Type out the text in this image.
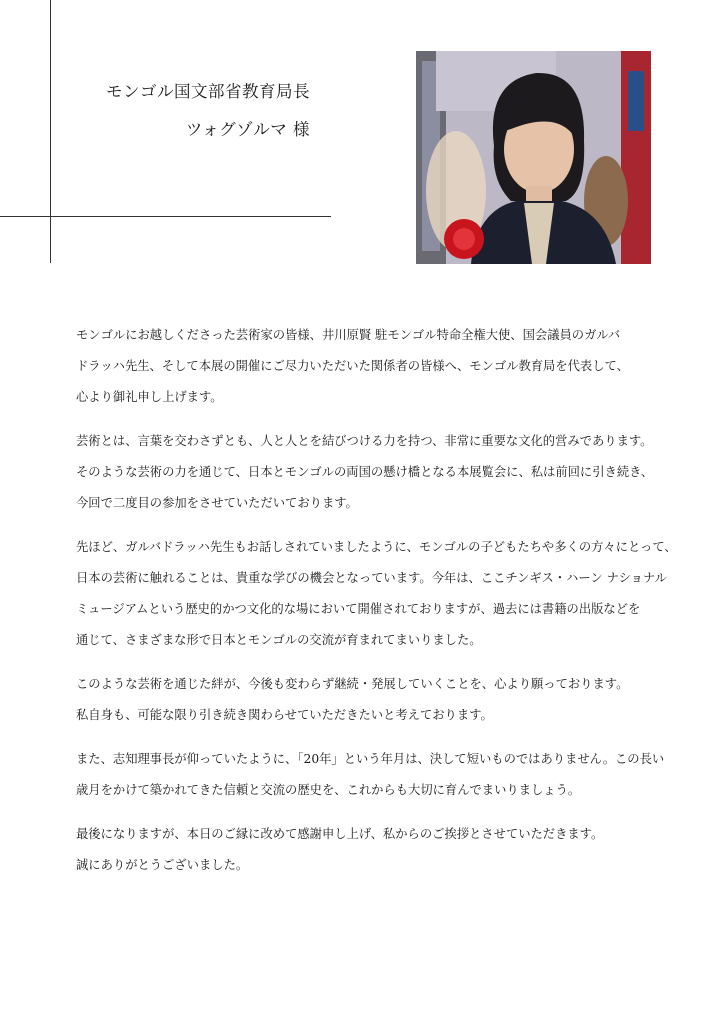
モンゴル国文部省教育局長
ツォグゾルマ 様

モンゴルにお越しくださった芸術家の皆様、井川原賢 駐モンゴル特命全権大使、国会議員のガルバ
ドラッハ先生、そして本展の開催にご尽力いただいた関係者の皆様へ、モンゴル教育局を代表して、
心より御礼申し上げます。

芸術とは、言葉を交わさずとも、人と人とを結びつける力を持つ、非常に重要な文化的営みであります。
そのような芸術の力を通じて、日本とモンゴルの両国の懸け橋となる本展覧会に、私は前回に引き続き、
今回で二度目の参加をさせていただいております。

先ほど、ガルバドラッハ先生もお話しされていましたように、モンゴルの子どもたちや多くの方々にとって、
日本の芸術に触れることは、貴重な学びの機会となっています。今年は、ここチンギス・ハーン ナショナル
ミュージアムという歴史的かつ文化的な場において開催されておりますが、過去には書籍の出版などを
通じて、さまざまな形で日本とモンゴルの交流が育まれてまいりました。

このような芸術を通じた絆が、今後も変わらず継続・発展していくことを、心より願っております。
私自身も、可能な限り引き続き関わらせていただきたいと考えております。

また、志知理事長が仰っていたように、「20年」という年月は、決して短いものではありません。この長い
歳月をかけて築かれてきた信頼と交流の歴史を、これからも大切に育んでまいりましょう。

最後になりますが、本日のご縁に改めて感謝申し上げ、私からのご挨拶とさせていただきます。
誠にありがとうございました。
